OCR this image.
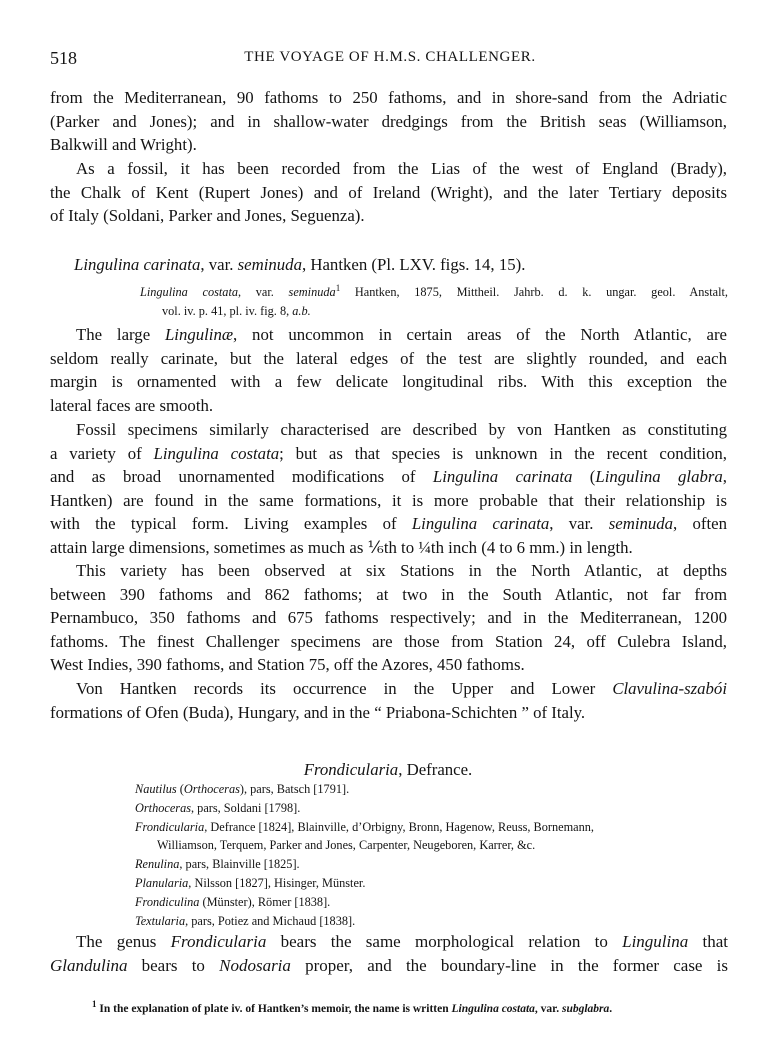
518	THE VOYAGE OF H.M.S. CHALLENGER.
from the Mediterranean, 90 fathoms to 250 fathoms, and in shore-sand from the Adriatic
(Parker and Jones); and in shallow-water dredgings from the British seas (Williamson,
Balkwill and Wright).
As a fossil, it has been recorded from the Lias of the west of England (Brady),
the Chalk of Kent (Rupert Jones) and of Ireland (Wright), and the later Tertiary deposits
of Italy (Soldani, Parker and Jones, Seguenza).
Lingulina carinata, var. seminuda, Hantken (Pl. LXV. figs. 14, 15).
Lingulina costata, var. seminuda$^1$ Hantken, 1875, Mittheil. Jahrb. d. k. ungar. geol. Anstalt,
vol. iv. p. 41, pl. iv. fig. 8, a.b.
The large Lingulinæ, not uncommon in certain areas of the North Atlantic, are
seldom really carinate, but the lateral edges of the test are slightly rounded, and each
margin is ornamented with a few delicate longitudinal ribs. With this exception the
lateral faces are smooth.
Fossil specimens similarly characterised are described by von Hantken as constituting
a variety of Lingulina costata; but as that species is unknown in the recent condition,
and as broad unornamented modifications of Lingulina carinata (Lingulina glabra,
Hantken) are found in the same formations, it is more probable that their relationship is
with the typical form. Living examples of Lingulina carinata, var. seminuda, often
attain large dimensions, sometimes as much as ⅙th to ¼th inch (4 to 6 mm.) in length.
This variety has been observed at six Stations in the North Atlantic, at depths
between 390 fathoms and 862 fathoms; at two in the South Atlantic, not far from
Pernambuco, 350 fathoms and 675 fathoms respectively; and in the Mediterranean, 1200
fathoms. The finest Challenger specimens are those from Station 24, off Culebra Island,
West Indies, 390 fathoms, and Station 75, off the Azores, 450 fathoms.
Von Hantken records its occurrence in the Upper and Lower Clavulina-szabói
formations of Ofen (Buda), Hungary, and in the “ Priabona-Schichten ” of Italy.
Frondicularia, Defrance.
Nautilus (Orthoceras), pars, Batsch [1791].
Orthoceras, pars, Soldani [1798].
Frondicularia, Defrance [1824], Blainville, d’Orbigny, Bronn, Hagenow, Reuss, Bornemann,
Williamson, Terquem, Parker and Jones, Carpenter, Neugeboren, Karrer, &c.
Renulina, pars, Blainville [1825].
Planularia, Nilsson [1827], Hisinger, Münster.
Frondiculina (Münster), Römer [1838].
Textularia, pars, Potiez and Michaud [1838].
The genus Frondicularia bears the same morphological relation to Lingulina that
Glandulina bears to Nodosaria proper, and the boundary-line in the former case is
$^1$ In the explanation of plate iv. of Hantken’s memoir, the name is written Lingulina costata, var. subglabra.
